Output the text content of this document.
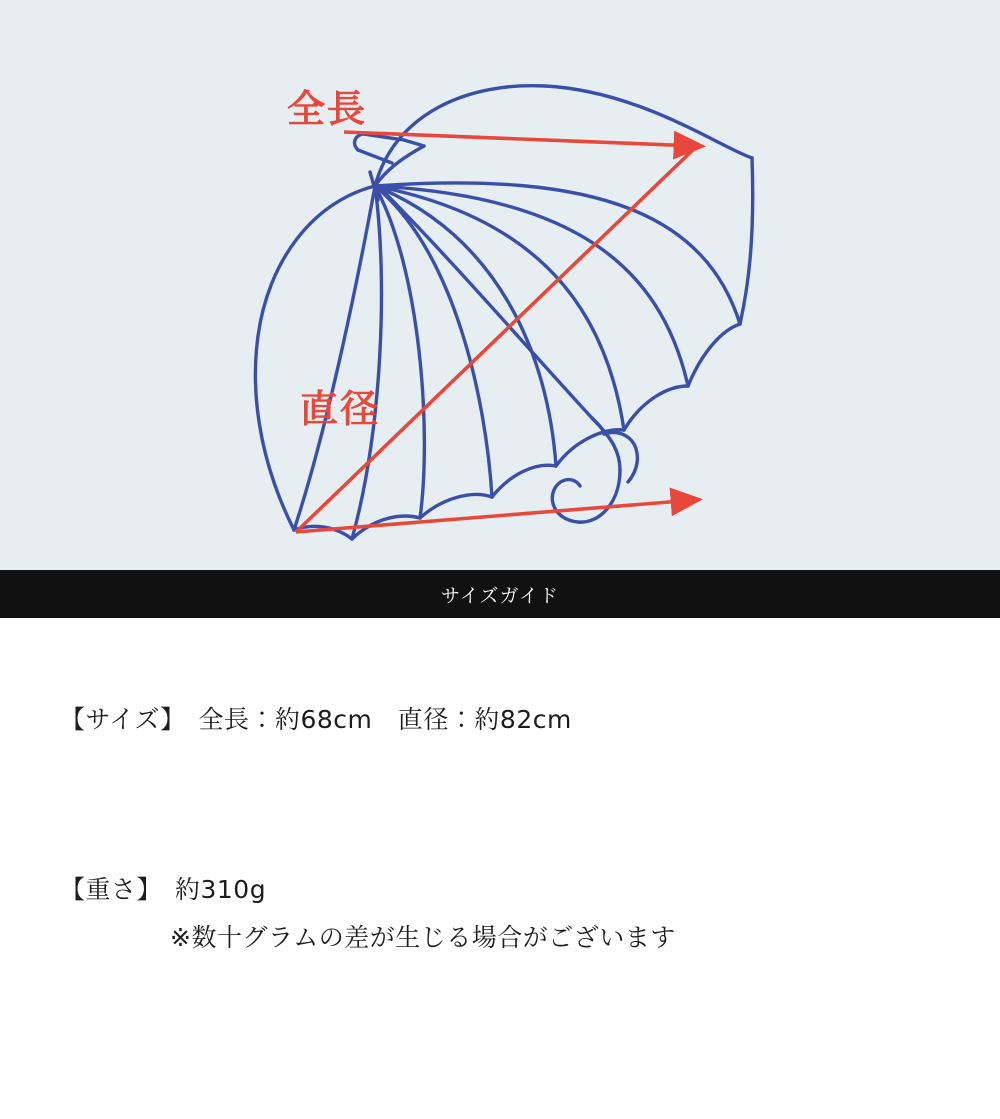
全長
直径
サイズガイド
【サイズ】　全長：約68cm　直径：約82cm
【重さ】　約310g
※数十グラムの差が生じる場合がございます
